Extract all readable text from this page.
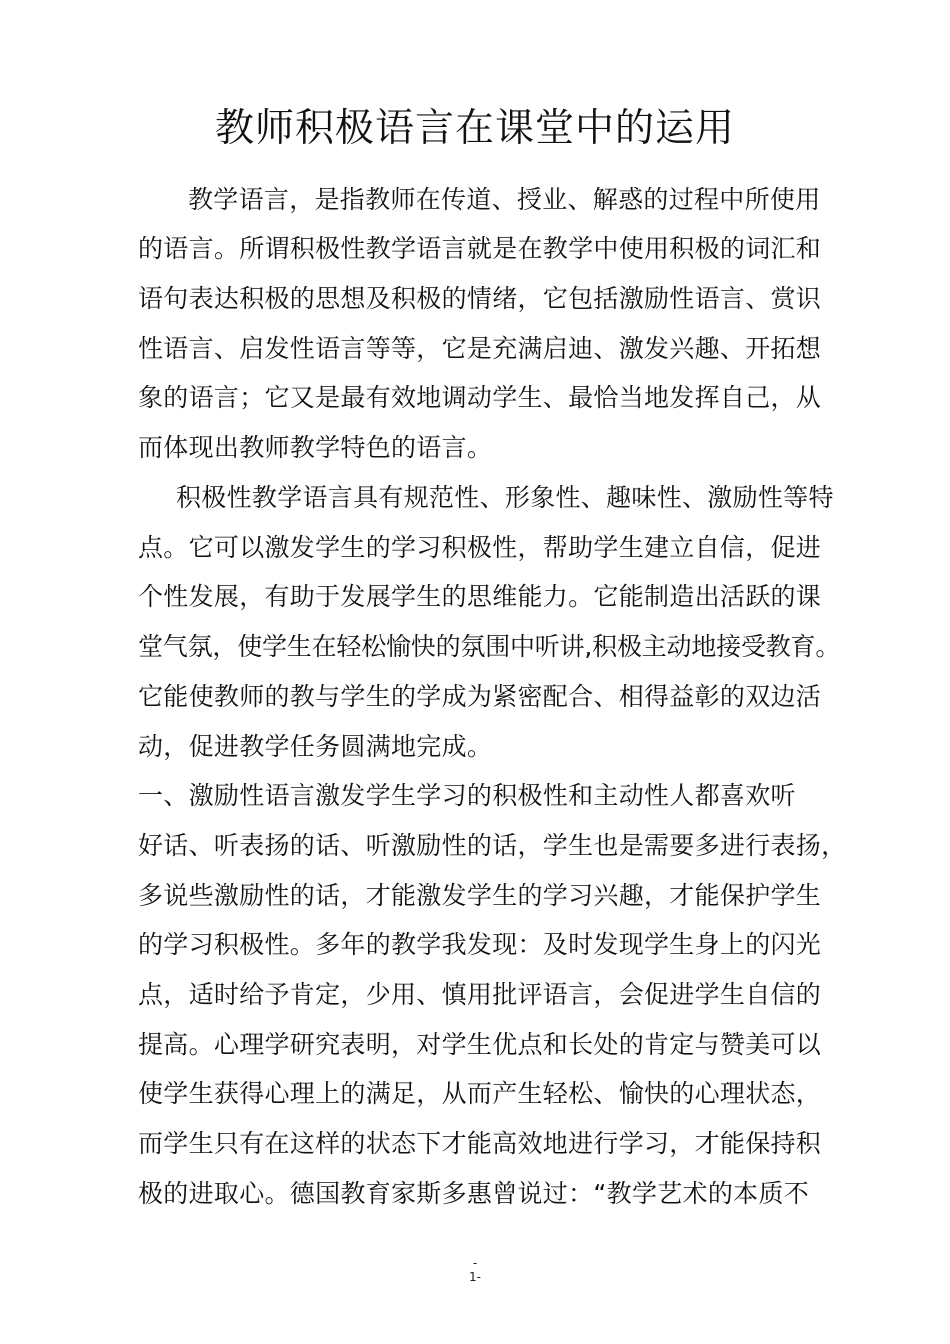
教师积极语言在课堂中的运用
教学语言，是指教师在传道、授业、解惑的过程中所使用
的语言。所谓积极性教学语言就是在教学中使用积极的词汇和
语句表达积极的思想及积极的情绪，它包括激励性语言、赏识
性语言、启发性语言等等，它是充满启迪、激发兴趣、开拓想
象的语言；它又是最有效地调动学生、最恰当地发挥自己，从
而体现出教师教学特色的语言。
积极性教学语言具有规范性、形象性、趣味性、激励性等特
点。它可以激发学生的学习积极性，帮助学生建立自信，促进
个性发展，有助于发展学生的思维能力。它能制造出活跃的课
堂气氛，使学生在轻松愉快的氛围中听讲,积极主动地接受教育。
它能使教师的教与学生的学成为紧密配合、相得益彰的双边活
动，促进教学任务圆满地完成。
一、激励性语言激发学生学习的积极性和主动性人都喜欢听
好话、听表扬的话、听激励性的话，学生也是需要多进行表扬，
多说些激励性的话，才能激发学生的学习兴趣，才能保护学生
的学习积极性。多年的教学我发现：及时发现学生身上的闪光
点，适时给予肯定，少用、慎用批评语言，会促进学生自信的
提高。心理学研究表明，对学生优点和长处的肯定与赞美可以
使学生获得心理上的满足，从而产生轻松、愉快的心理状态，
而学生只有在这样的状态下才能高效地进行学习，才能保持积
极的进取心。德国教育家斯多惠曾说过：“教学艺术的本质不
-
1-
